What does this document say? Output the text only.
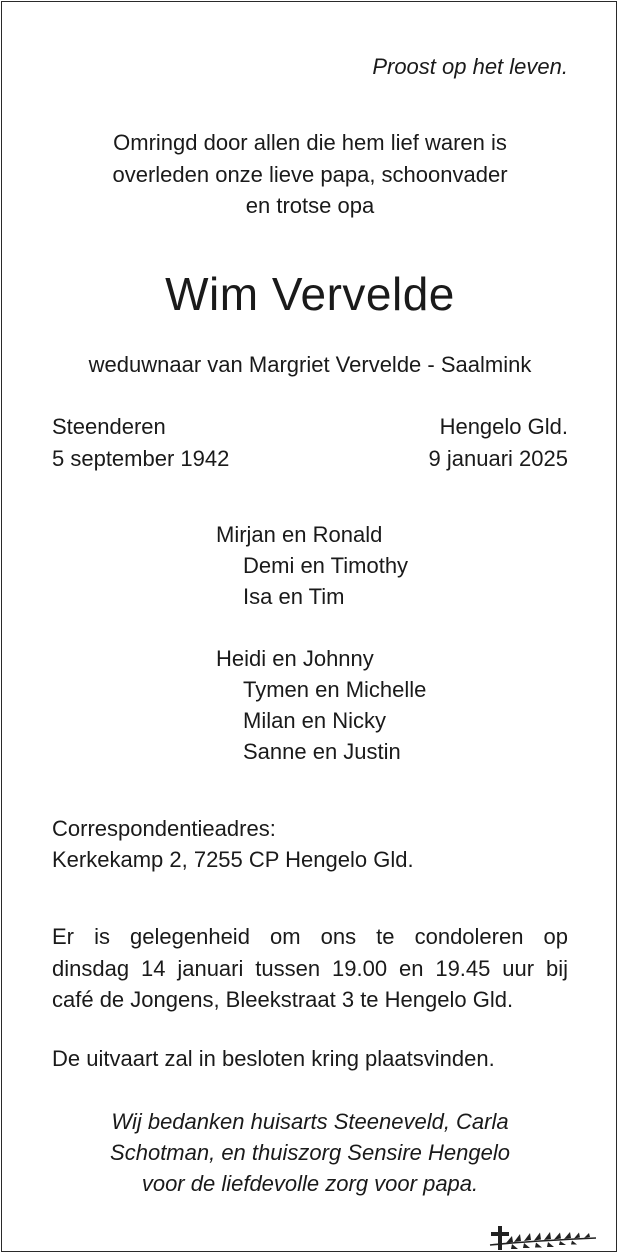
Proost op het leven.
Omringd door allen die hem lief waren is
overleden onze lieve papa, schoonvader
en trotse opa
Wim Vervelde
weduwnaar van Margriet Vervelde - Saalmink
Steenderen
5 september 1942
Hengelo Gld.
9 januari 2025
Mirjan en Ronald
Demi en Timothy
Isa en Tim
Heidi en Johnny
Tymen en Michelle
Milan en Nicky
Sanne en Justin
Correspondentieadres:
Kerkekamp 2, 7255 CP Hengelo Gld.
Er is gelegenheid om ons te condoleren op
dinsdag 14 januari tussen 19.00 en 19.45 uur bij
café de Jongens, Bleekstraat 3 te Hengelo Gld.
De uitvaart zal in besloten kring plaatsvinden.
Wij bedanken huisarts Steeneveld, Carla
Schotman, en thuiszorg Sensire Hengelo
voor de liefdevolle zorg voor papa.
